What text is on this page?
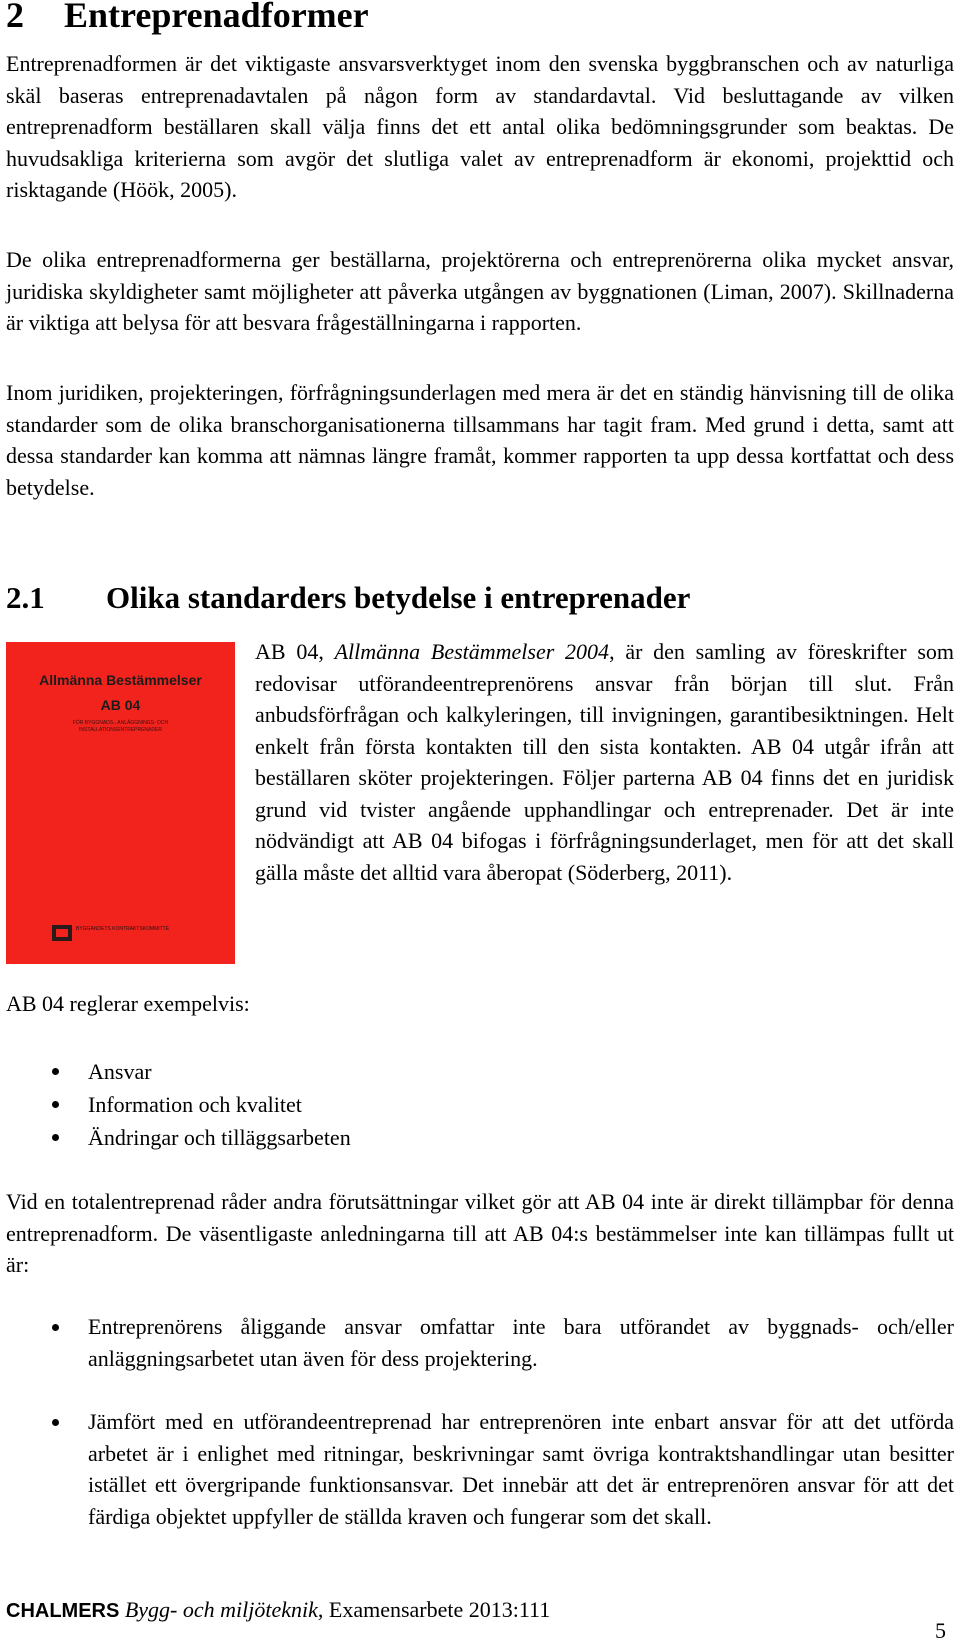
2 Entreprenadformer

Entreprenadformen är det viktigaste ansvarsverktyget inom den svenska byggbranschen och av naturliga skäl baseras entreprenadavtalen på någon form av standardavtal. Vid besluttagande av vilken entreprenadform beställaren skall välja finns det ett antal olika bedömningsgrunder som beaktas. De huvudsakliga kriterierna som avgör det slutliga valet av entreprenadform är ekonomi, projekttid och risktagande (Höök, 2005).

De olika entreprenadformerna ger beställarna, projektörerna och entreprenörerna olika mycket ansvar, juridiska skyldigheter samt möjligheter att påverka utgången av byggnationen (Liman, 2007). Skillnaderna är viktiga att belysa för att besvara frågeställningarna i rapporten.

Inom juridiken, projekteringen, förfrågningsunderlagen med mera är det en ständig hänvisning till de olika standarder som de olika branschorganisationerna tillsammans har tagit fram. Med grund i detta, samt att dessa standarder kan komma att nämnas längre framåt, kommer rapporten ta upp dessa kortfattat och dess betydelse.

2.1 Olika standarders betydelse i entreprenader
Allmänna Bestämmelser
AB 04
FÖR BYGGNADS-, ANLÄGGNINGS- OCH INSTALLATIONSENTREPRENADER
BYGGANDETS KONTRAKTSKOMMITTÉ
AB 04, Allmänna Bestämmelser 2004, är den samling av föreskrifter som redovisar utförandeentreprenörens ansvar från början till slut. Från anbudsförfrågan och kalkyleringen, till invigningen, garantibesiktningen. Helt enkelt från första kontakten till den sista kontakten. AB 04 utgår ifrån att beställaren sköter projekteringen. Följer parterna AB 04 finns det en juridisk grund vid tvister angående upphandlingar och entreprenader. Det är inte nödvändigt att AB 04 bifogas i förfrågningsunderlaget, men för att det skall gälla måste det alltid vara åberopat (Söderberg, 2011).

AB 04 reglerar exempelvis:

Ansvar
Information och kvalitet
Ändringar och tilläggsarbeten

Vid en totalentreprenad råder andra förutsättningar vilket gör att AB 04 inte är direkt tillämpbar för denna entreprenadform. De väsentligaste anledningarna till att AB 04:s bestämmelser inte kan tillämpas fullt ut är:

Entreprenörens åliggande ansvar omfattar inte bara utförandet av byggnads- och/eller anläggningsarbetet utan även för dess projektering.
Jämfört med en utförandeentreprenad har entreprenören inte enbart ansvar för att det utförda arbetet är i enlighet med ritningar, beskrivningar samt övriga kontraktshandlingar utan besitter istället ett övergripande funktionsansvar. Det innebär att det är entreprenören ansvar för att det färdiga objektet uppfyller de ställda kraven och fungerar som det skall.
CHALMERS Bygg- och miljöteknik, Examensarbete 2013:111
5
